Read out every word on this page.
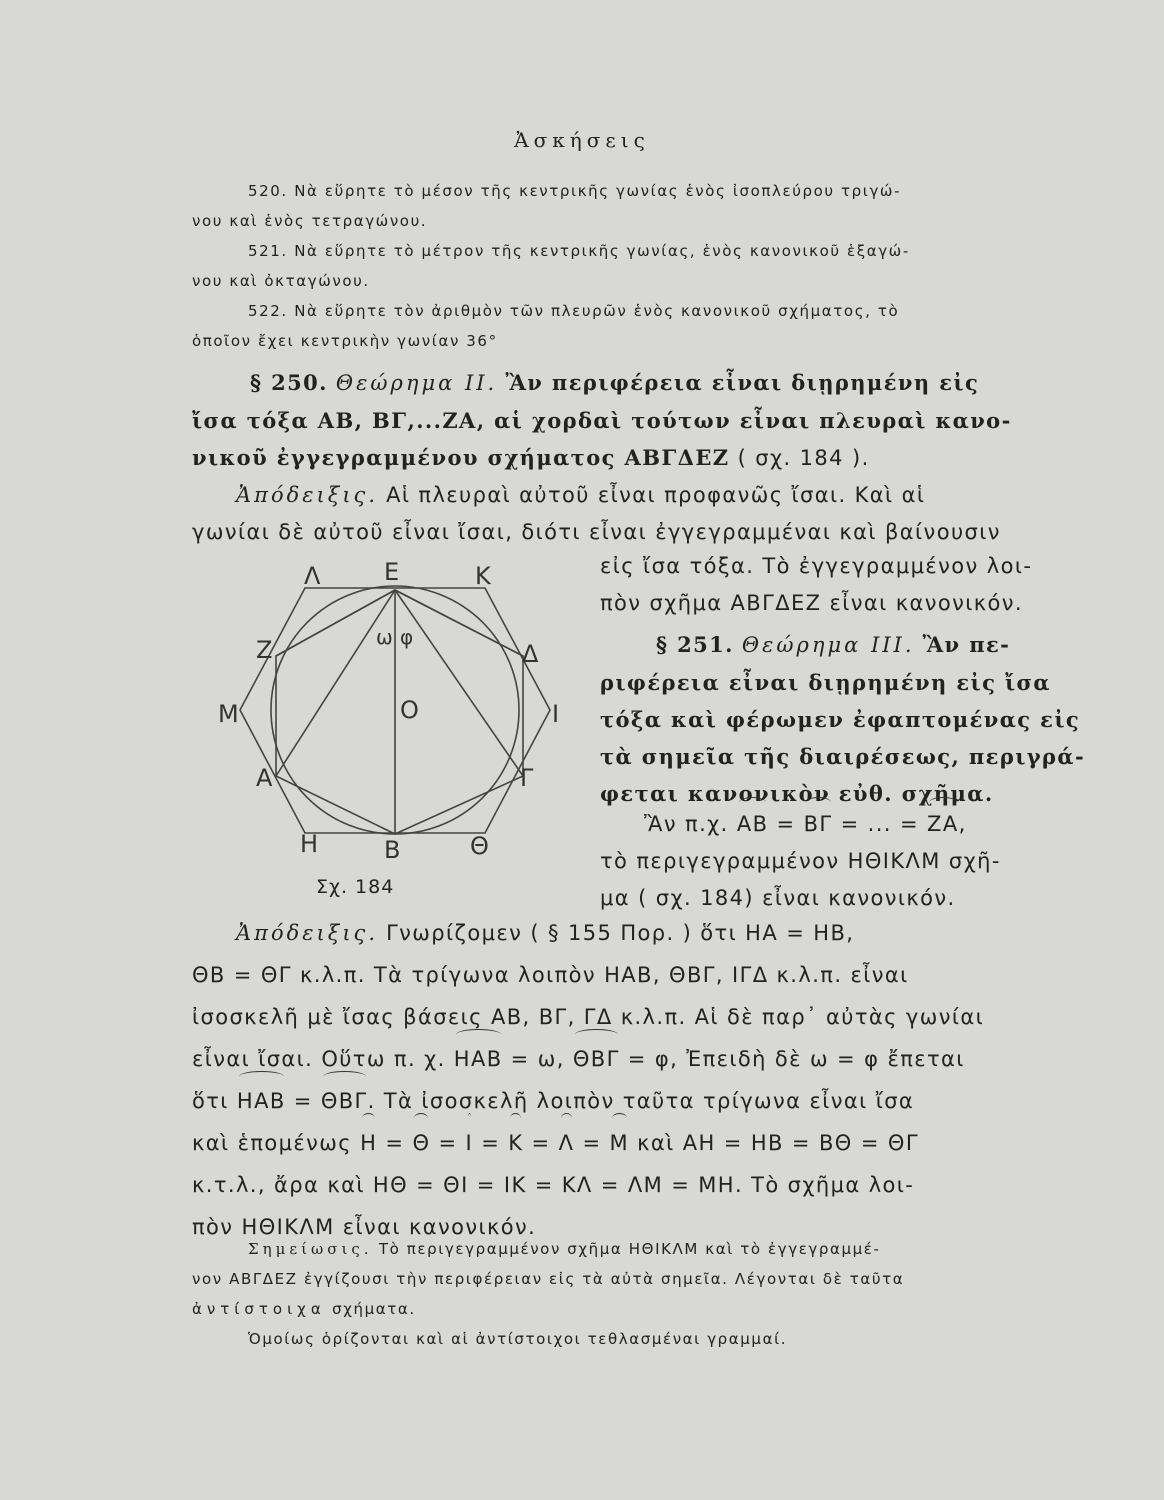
Ἀσκήσεις
520. Νὰ εὕρητε τὸ μέσον τῆς κεντρικῆς γωνίας ἑνὸς ἰσοπλεύρου τριγώ-
νου καὶ ἑνὸς τετραγώνου.
521. Νὰ εὕρητε τὸ μέτρον τῆς κεντρικῆς γωνίας, ἑνὸς κανονικοῦ ἑξαγώ-
νου καὶ ὀκταγώνου.
522. Νὰ εὕρητε τὸν ἀριθμὸν τῶν πλευρῶν ἑνὸς κανονικοῦ σχήματος, τὸ
ὁποῖον ἔχει κεντρικὴν γωνίαν 36°
§ 250. Θεώρημα II. Ἂν περιφέρεια εἶναι διῃρημένη εἰς
ἴσα τόξα ΑΒ, ΒΓ,...ΖΑ, αἱ χορδαὶ τούτων εἶναι πλευραὶ κανο-
νικοῦ ἐγγεγραμμένου σχήματος ΑΒΓΔΕΖ ( σχ. 184 ).
Ἀπόδειξις. Αἱ πλευραὶ αὐτοῦ εἶναι προφανῶς ἴσαι. Καὶ αἱ
γωνίαι δὲ αὐτοῦ εἶναι ἴσαι, διότι εἶναι ἐγγεγραμμέναι καὶ βαίνουσιν
εἰς ἴσα τόξα. Τὸ ἐγγεγραμμένον λοι-
πὸν σχῆμα ΑΒΓΔΕΖ εἶναι κανονικόν.
Ε	Κ
Λ
Ζ	Δ
Μ	Ι
Α	Γ
Η	Β	Θ
Ο
ω φ
Σχ. 184
§ 251. Θεώρημα III. Ἂν πε-
ριφέρεια εἶναι διῃρημένη εἰς ἴσα
τόξα καὶ φέρωμεν ἐφαπτομένας εἰς
τὰ σημεῖα τῆς διαιρέσεως, περιγρά-
φεται κανονικὸν εὐθ. σχῆμα.
Ἂν π.χ. ΑΒ = ΒΓ = ... = ΖΑ,
τὸ περιγεγραμμένον ΗΘΙΚΛΜ σχῆ-
μα ( σχ. 184) εἶναι κανονικόν.
Ἀπόδειξις. Γνωρίζομεν ( § 155 Πορ. ) ὅτι ΗΑ = ΗΒ,
ΘΒ = ΘΓ κ.λ.π. Τὰ τρίγωνα λοιπὸν ΗΑΒ, ΘΒΓ, ΙΓΔ κ.λ.π. εἶναι
ἰσοσκελῆ μὲ ἴσας βάσεις ΑΒ, ΒΓ, ΓΔ κ.λ.π. Αἱ δὲ παρ᾽ αὐτὰς γωνίαι
εἶναι ἴσαι. Οὕτω π. χ. ΗΑΒ = ω, ΘΒΓ = φ, Ἐπειδὴ δὲ ω = φ ἔπεται
ὅτι ΗΑΒ = ΘΒΓ. Τὰ ἰσοσκελῆ λοιπὸν ταῦτα τρίγωνα εἶναι ἴσα
καὶ ἑπομένως Η = Θ = Ι = Κ = Λ = Μ καὶ ΑΗ = ΗΒ = ΒΘ = ΘΓ
κ.τ.λ., ἄρα καὶ ΗΘ = ΘΙ = ΙΚ = ΚΛ = ΛΜ = ΜΗ. Τὸ σχῆμα λοι-
πὸν ΗΘΙΚΛΜ εἶναι κανονικόν.
Σημείωσις. Τὸ περιγεγραμμένον σχῆμα ΗΘΙΚΛΜ καὶ τὸ ἐγγεγραμμέ-
νον ΑΒΓΔΕΖ ἐγγίζουσι τὴν περιφέρειαν εἰς τὰ αὐτὰ σημεῖα. Λέγονται δὲ ταῦτα
ἀντίστοιχα σχήματα.
Ὁμοίως ὁρίζονται καὶ αἱ ἀντίστοιχοι τεθλασμέναι γραμμαί.
